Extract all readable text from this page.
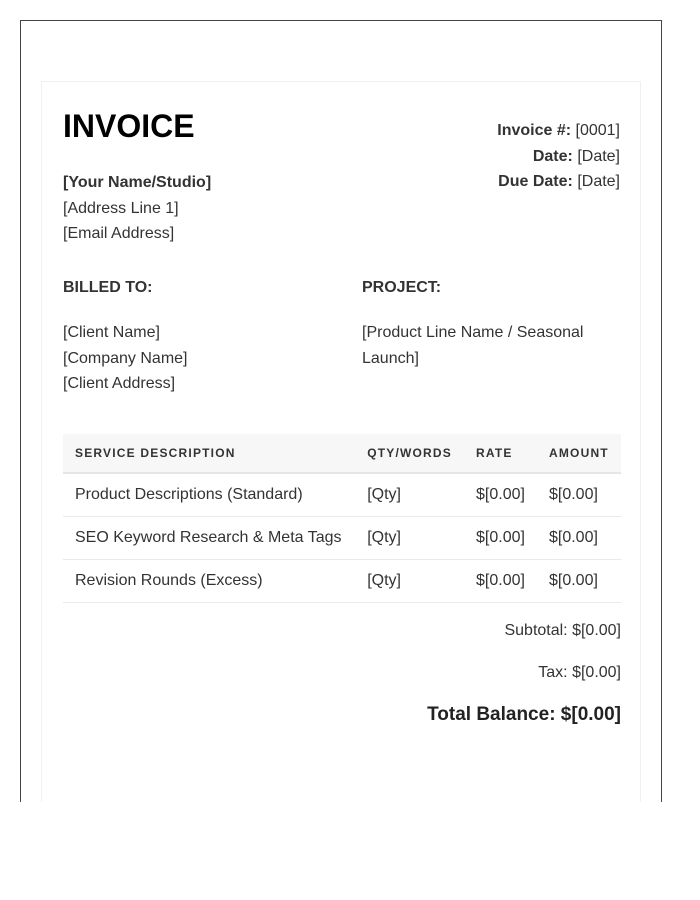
INVOICE
[Your Name/Studio]
[Address Line 1]
[Email Address]
Invoice #: [0001]
Date: [Date]
Due Date: [Date]
BILLED TO:
[Client Name]
[Company Name]
[Client Address]
PROJECT:
[Product Line Name / Seasonal Launch]
SERVICE DESCRIPTION	QTY/WORDS	RATE	AMOUNT
Product Descriptions (Standard)	[Qty]	$[0.00]	$[0.00]
SEO Keyword Research & Meta Tags	[Qty]	$[0.00]	$[0.00]
Revision Rounds (Excess)	[Qty]	$[0.00]	$[0.00]
Subtotal: $[0.00]
Tax: $[0.00]
Total Balance: $[0.00]
